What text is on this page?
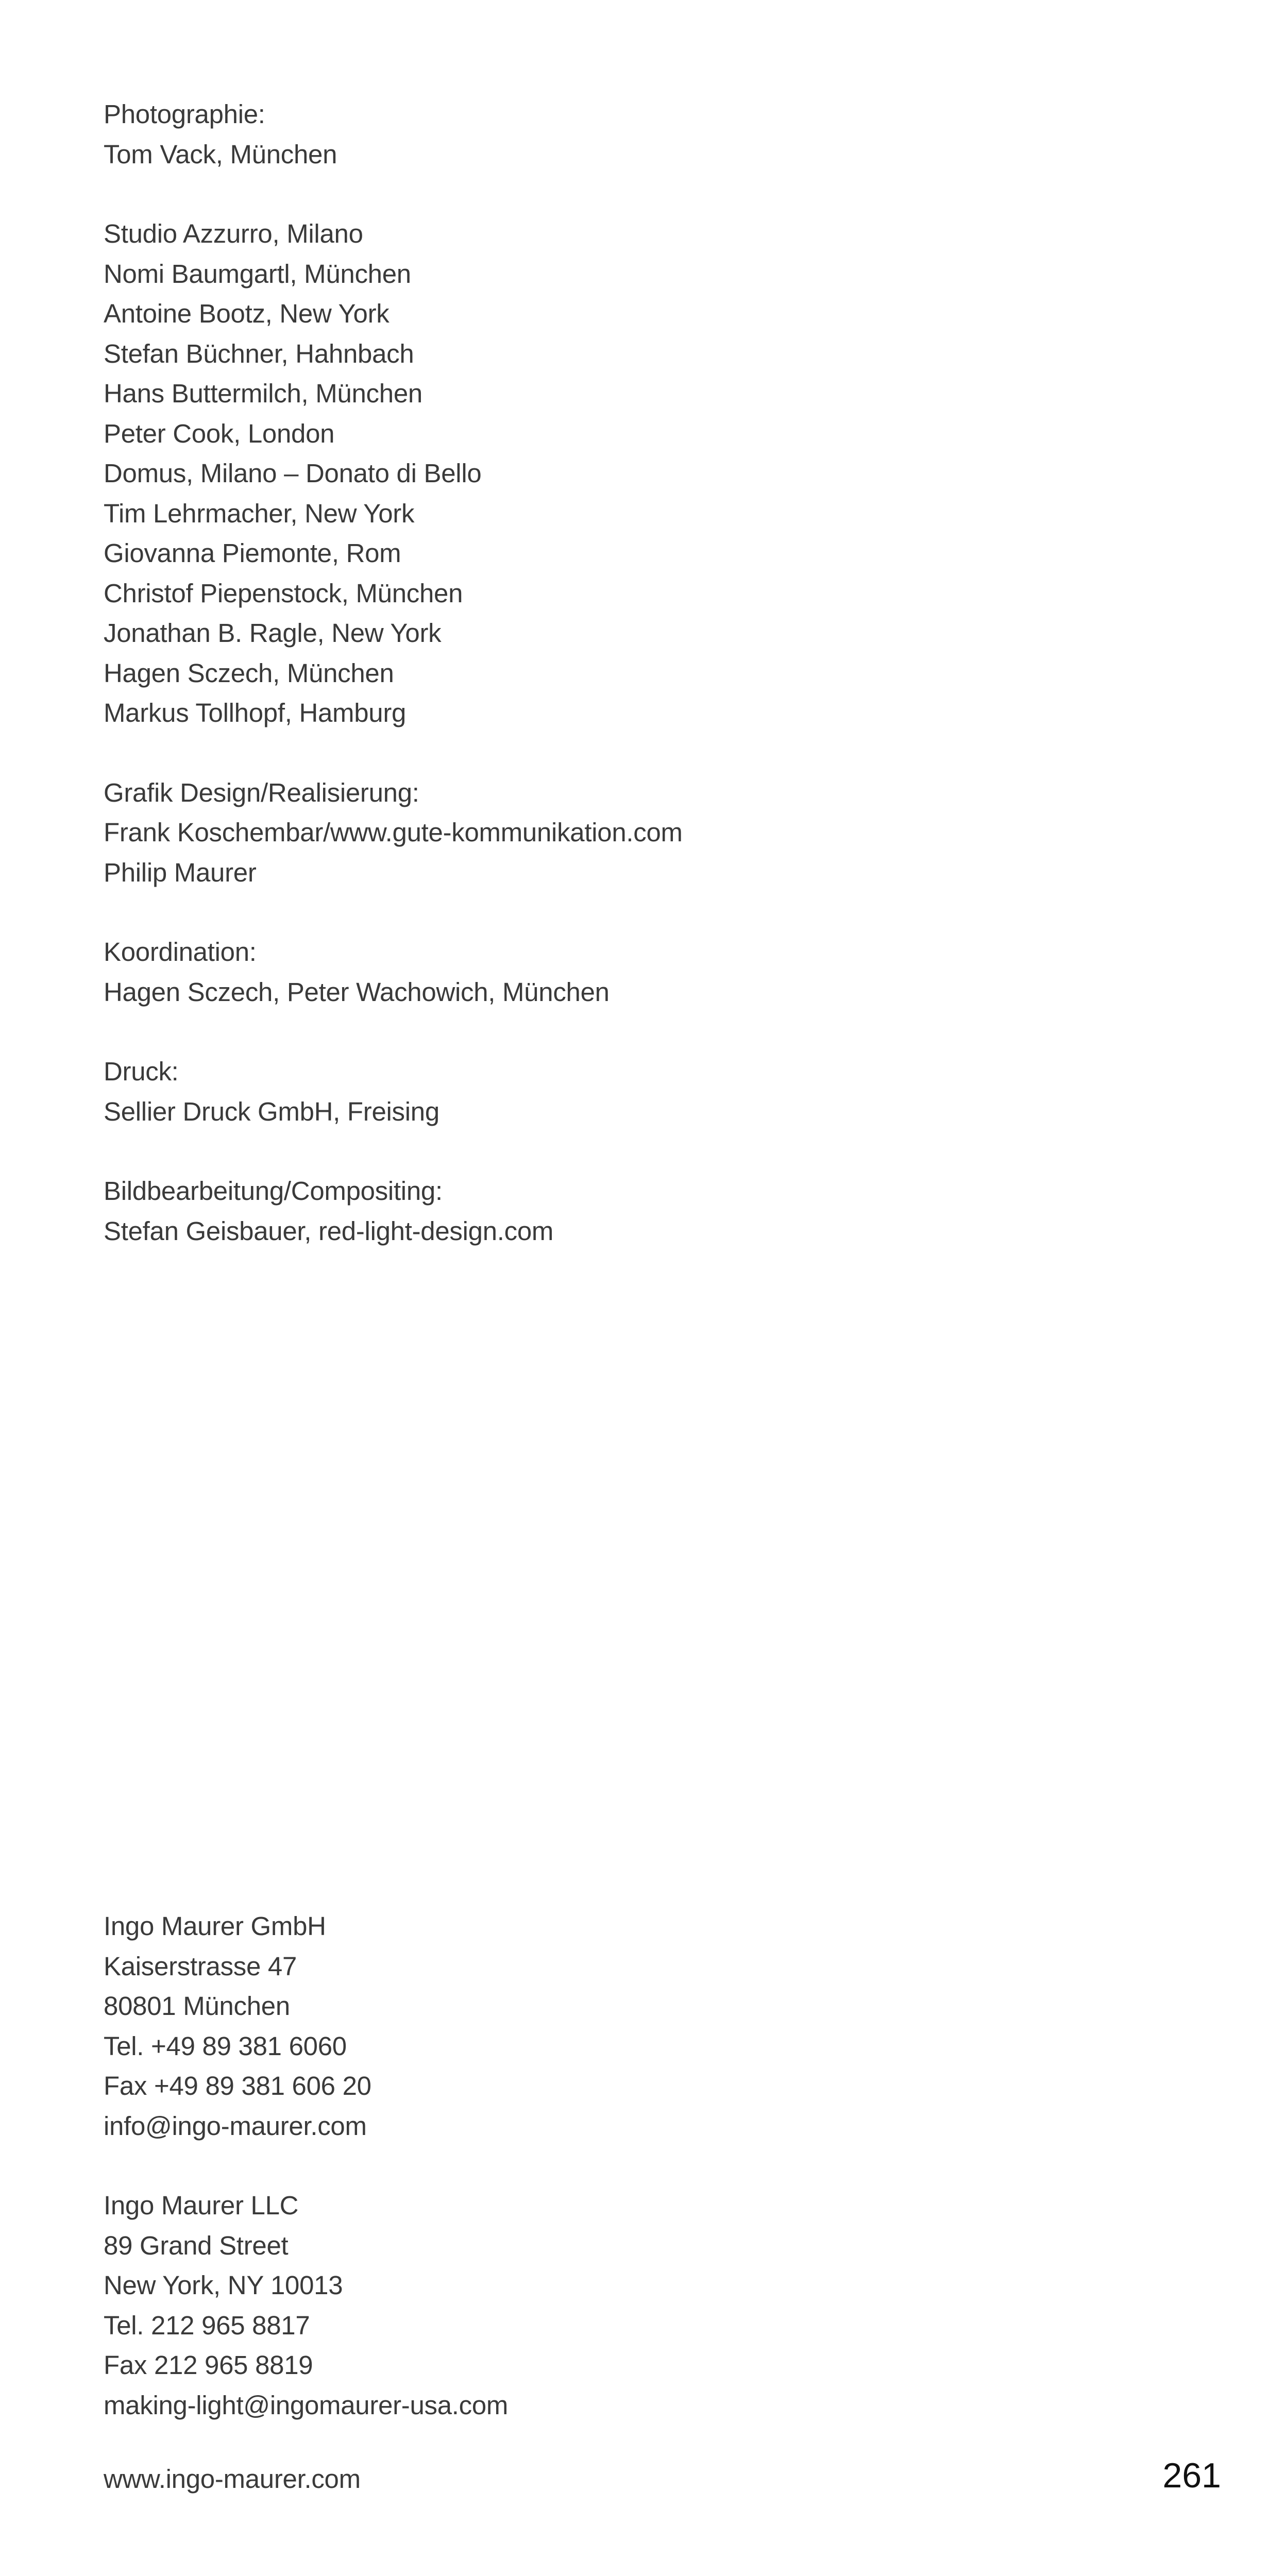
Photographie:
Tom Vack, München
Studio Azzurro, Milano
Nomi Baumgartl, München
Antoine Bootz, New York
Stefan Büchner, Hahnbach
Hans Buttermilch, München
Peter Cook, London
Domus, Milano – Donato di Bello
Tim Lehrmacher, New York
Giovanna Piemonte, Rom
Christof Piepenstock, München
Jonathan B. Ragle, New York
Hagen Sczech, München
Markus Tollhopf, Hamburg
Grafik Design/Realisierung:
Frank Koschembar/www.gute-kommunikation.com
Philip Maurer
Koordination:
Hagen Sczech, Peter Wachowich, München
Druck:
Sellier Druck GmbH, Freising
Bildbearbeitung/Compositing:
Stefan Geisbauer, red-light-design.com
Ingo Maurer GmbH
Kaiserstrasse 47
80801 München
Tel. +49 89 381 6060
Fax +49 89 381 606 20
info@ingo-maurer.com
Ingo Maurer LLC
89 Grand Street
New York, NY 10013
Tel. 212 965 8817
Fax 212 965 8819
making-light@ingomaurer-usa.com
www.ingo-maurer.com	261
